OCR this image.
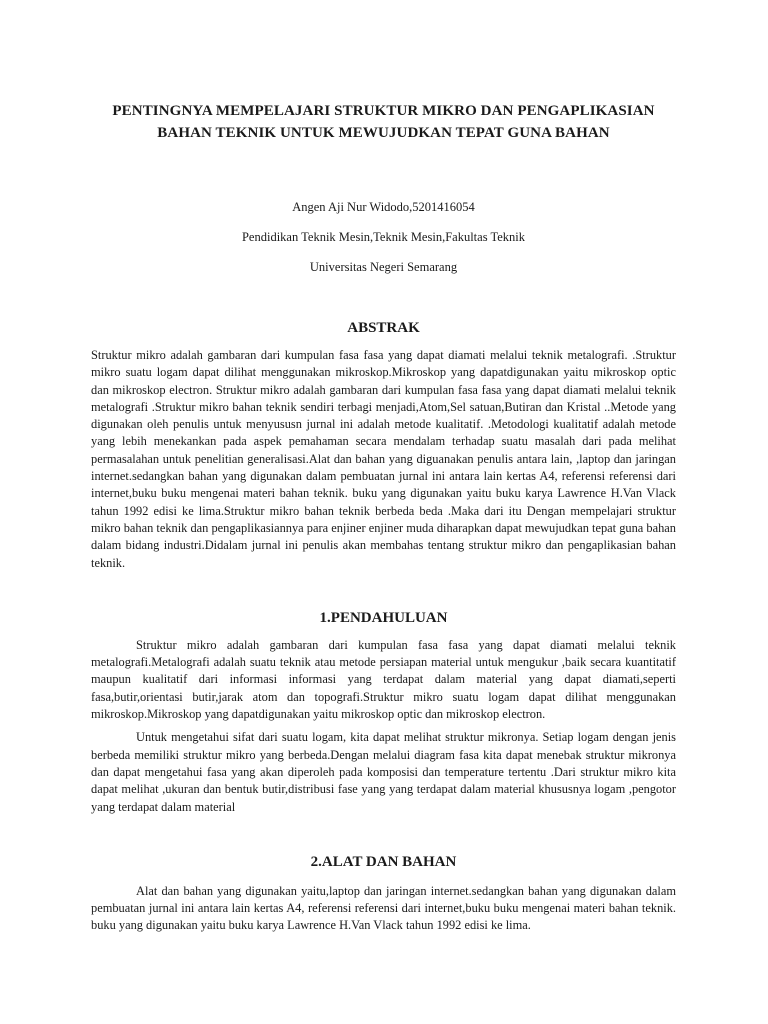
PENTINGNYA MEMPELAJARI STRUKTUR MIKRO DAN PENGAPLIKASIAN

BAHAN TEKNIK UNTUK MEWUJUDKAN TEPAT GUNA BAHAN

Angen Aji Nur Widodo,5201416054

Pendidikan Teknik Mesin,Teknik Mesin,Fakultas Teknik

Universitas Negeri Semarang

ABSTRAK

Struktur mikro adalah gambaran dari kumpulan fasa fasa yang dapat diamati melalui teknik metalografi. .Struktur mikro suatu logam dapat dilihat menggunakan mikroskop.Mikroskop yang dapatdigunakan yaitu mikroskop optic dan mikroskop electron. Struktur mikro adalah gambaran dari kumpulan fasa fasa yang dapat diamati melalui teknik metalografi .Struktur mikro bahan teknik sendiri terbagi menjadi,Atom,Sel satuan,Butiran dan Kristal ..Metode yang digunakan oleh penulis untuk menyususn jurnal ini adalah metode kualitatif. .Metodologi kualitatif adalah metode yang lebih menekankan pada aspek pemahaman secara mendalam terhadap suatu masalah dari pada melihat permasalahan untuk penelitian generalisasi.Alat dan bahan yang diguanakan penulis antara lain, ,laptop dan jaringan internet.sedangkan bahan yang digunakan dalam pembuatan jurnal ini antara lain kertas A4, referensi referensi dari internet,buku buku mengenai materi bahan teknik. buku yang digunakan yaitu buku karya Lawrence H.Van Vlack tahun 1992 edisi ke lima.Struktur mikro bahan teknik berbeda beda .Maka dari itu Dengan mempelajari struktur mikro bahan teknik dan pengaplikasiannya para enjiner enjiner muda diharapkan dapat mewujudkan tepat guna bahan dalam bidang industri.Didalam jurnal ini penulis akan membahas tentang struktur mikro dan pengaplikasian bahan teknik.

1.PENDAHULUAN

Struktur mikro adalah gambaran dari kumpulan fasa fasa yang dapat diamati melalui teknik metalografi.Metalografi adalah suatu teknik atau metode persiapan material untuk mengukur ,baik secara kuantitatif maupun kualitatif dari informasi informasi yang terdapat dalam material yang dapat diamati,seperti fasa,butir,orientasi butir,jarak atom dan topografi.Struktur mikro suatu logam dapat dilihat menggunakan mikroskop.Mikroskop yang dapatdigunakan yaitu mikroskop optic dan mikroskop electron.

Untuk mengetahui sifat dari suatu logam, kita dapat melihat struktur mikronya. Setiap logam dengan jenis berbeda memiliki struktur mikro yang berbeda.Dengan melalui diagram fasa kita dapat menebak struktur mikronya dan dapat mengetahui fasa yang akan diperoleh pada komposisi dan temperature tertentu .Dari struktur mikro kita dapat melihat ,ukuran dan bentuk butir,distribusi fase yang yang terdapat dalam material khususnya logam ,pengotor yang terdapat dalam material

2.ALAT DAN BAHAN

Alat dan bahan yang digunakan yaitu,laptop dan jaringan internet.sedangkan bahan yang digunakan dalam pembuatan jurnal ini antara lain kertas A4, referensi referensi dari internet,buku buku mengenai materi bahan teknik. buku yang digunakan yaitu buku karya Lawrence H.Van Vlack tahun 1992 edisi ke lima.
